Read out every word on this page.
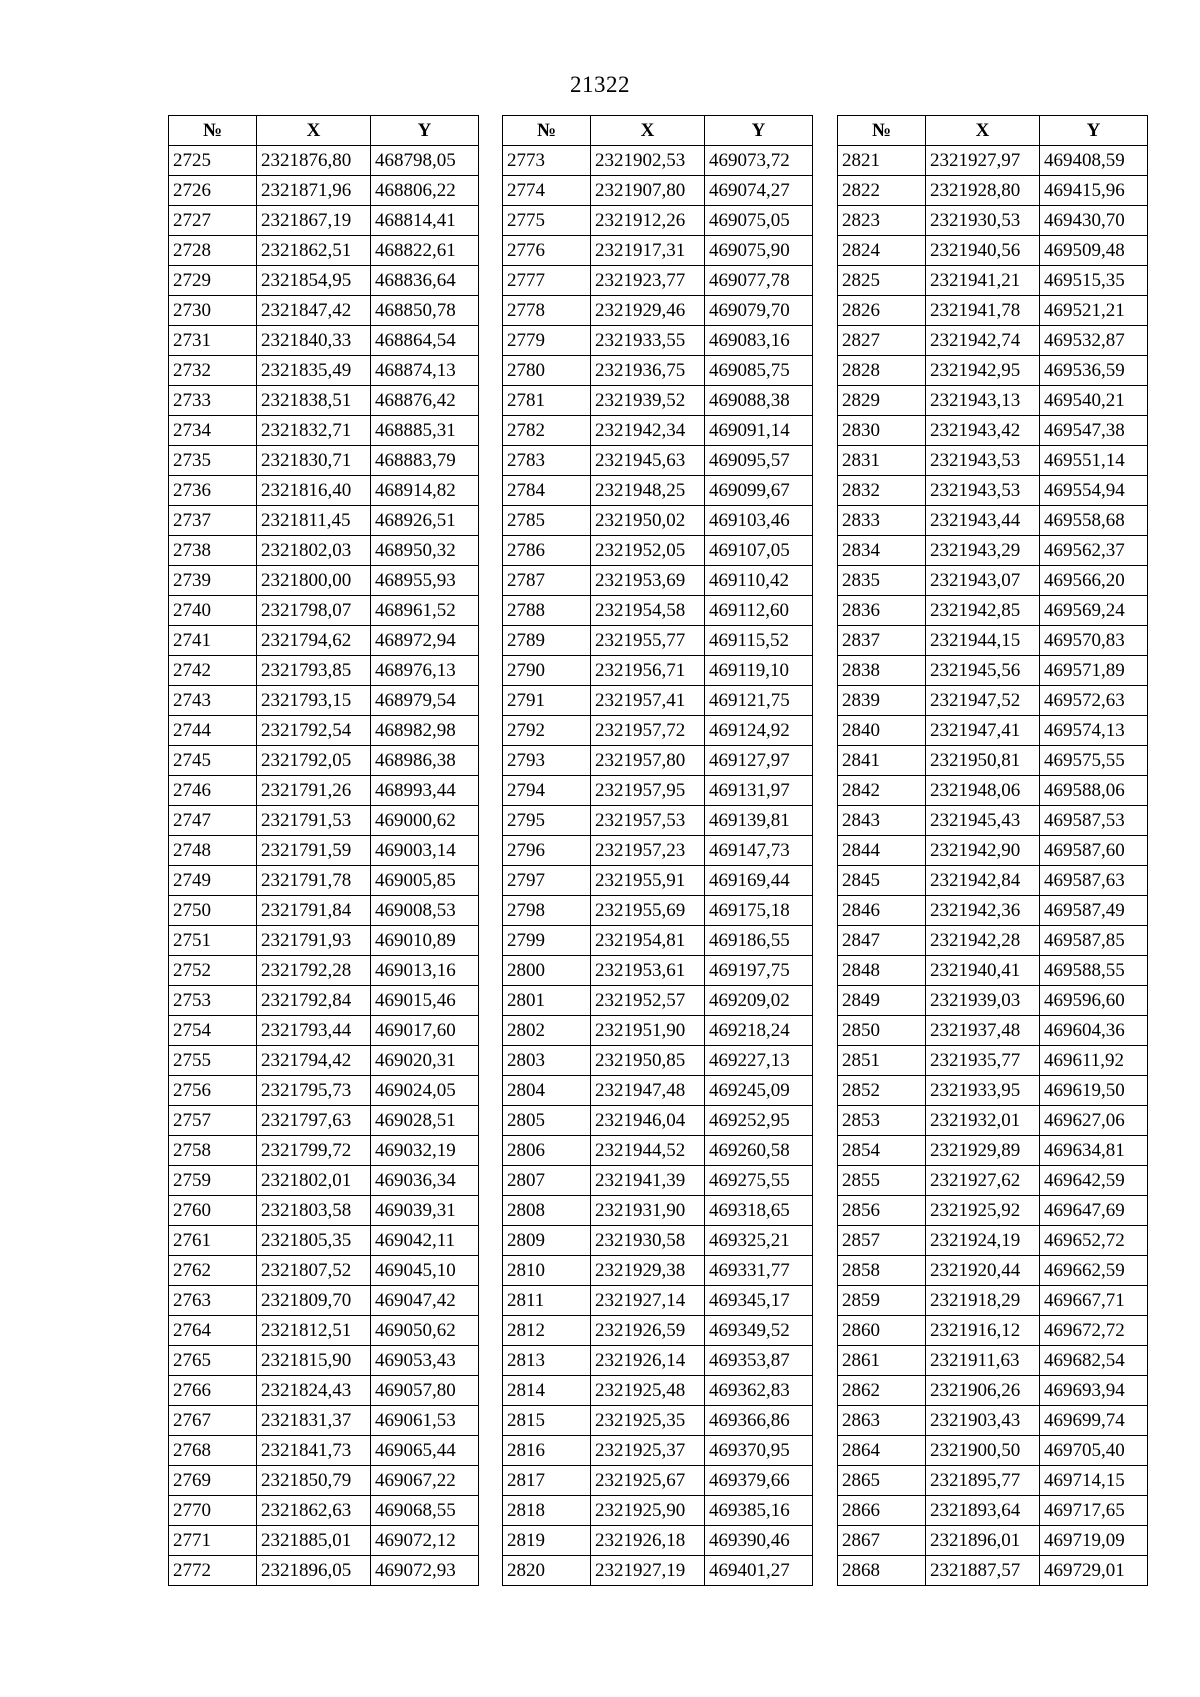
21322
№	X	Y
2725	2321876,80	468798,05
2726	2321871,96	468806,22
2727	2321867,19	468814,41
2728	2321862,51	468822,61
2729	2321854,95	468836,64
2730	2321847,42	468850,78
2731	2321840,33	468864,54
2732	2321835,49	468874,13
2733	2321838,51	468876,42
2734	2321832,71	468885,31
2735	2321830,71	468883,79
2736	2321816,40	468914,82
2737	2321811,45	468926,51
2738	2321802,03	468950,32
2739	2321800,00	468955,93
2740	2321798,07	468961,52
2741	2321794,62	468972,94
2742	2321793,85	468976,13
2743	2321793,15	468979,54
2744	2321792,54	468982,98
2745	2321792,05	468986,38
2746	2321791,26	468993,44
2747	2321791,53	469000,62
2748	2321791,59	469003,14
2749	2321791,78	469005,85
2750	2321791,84	469008,53
2751	2321791,93	469010,89
2752	2321792,28	469013,16
2753	2321792,84	469015,46
2754	2321793,44	469017,60
2755	2321794,42	469020,31
2756	2321795,73	469024,05
2757	2321797,63	469028,51
2758	2321799,72	469032,19
2759	2321802,01	469036,34
2760	2321803,58	469039,31
2761	2321805,35	469042,11
2762	2321807,52	469045,10
2763	2321809,70	469047,42
2764	2321812,51	469050,62
2765	2321815,90	469053,43
2766	2321824,43	469057,80
2767	2321831,37	469061,53
2768	2321841,73	469065,44
2769	2321850,79	469067,22
2770	2321862,63	469068,55
2771	2321885,01	469072,12
2772	2321896,05	469072,93
№	X	Y
2773	2321902,53	469073,72
2774	2321907,80	469074,27
2775	2321912,26	469075,05
2776	2321917,31	469075,90
2777	2321923,77	469077,78
2778	2321929,46	469079,70
2779	2321933,55	469083,16
2780	2321936,75	469085,75
2781	2321939,52	469088,38
2782	2321942,34	469091,14
2783	2321945,63	469095,57
2784	2321948,25	469099,67
2785	2321950,02	469103,46
2786	2321952,05	469107,05
2787	2321953,69	469110,42
2788	2321954,58	469112,60
2789	2321955,77	469115,52
2790	2321956,71	469119,10
2791	2321957,41	469121,75
2792	2321957,72	469124,92
2793	2321957,80	469127,97
2794	2321957,95	469131,97
2795	2321957,53	469139,81
2796	2321957,23	469147,73
2797	2321955,91	469169,44
2798	2321955,69	469175,18
2799	2321954,81	469186,55
2800	2321953,61	469197,75
2801	2321952,57	469209,02
2802	2321951,90	469218,24
2803	2321950,85	469227,13
2804	2321947,48	469245,09
2805	2321946,04	469252,95
2806	2321944,52	469260,58
2807	2321941,39	469275,55
2808	2321931,90	469318,65
2809	2321930,58	469325,21
2810	2321929,38	469331,77
2811	2321927,14	469345,17
2812	2321926,59	469349,52
2813	2321926,14	469353,87
2814	2321925,48	469362,83
2815	2321925,35	469366,86
2816	2321925,37	469370,95
2817	2321925,67	469379,66
2818	2321925,90	469385,16
2819	2321926,18	469390,46
2820	2321927,19	469401,27
№	X	Y
2821	2321927,97	469408,59
2822	2321928,80	469415,96
2823	2321930,53	469430,70
2824	2321940,56	469509,48
2825	2321941,21	469515,35
2826	2321941,78	469521,21
2827	2321942,74	469532,87
2828	2321942,95	469536,59
2829	2321943,13	469540,21
2830	2321943,42	469547,38
2831	2321943,53	469551,14
2832	2321943,53	469554,94
2833	2321943,44	469558,68
2834	2321943,29	469562,37
2835	2321943,07	469566,20
2836	2321942,85	469569,24
2837	2321944,15	469570,83
2838	2321945,56	469571,89
2839	2321947,52	469572,63
2840	2321947,41	469574,13
2841	2321950,81	469575,55
2842	2321948,06	469588,06
2843	2321945,43	469587,53
2844	2321942,90	469587,60
2845	2321942,84	469587,63
2846	2321942,36	469587,49
2847	2321942,28	469587,85
2848	2321940,41	469588,55
2849	2321939,03	469596,60
2850	2321937,48	469604,36
2851	2321935,77	469611,92
2852	2321933,95	469619,50
2853	2321932,01	469627,06
2854	2321929,89	469634,81
2855	2321927,62	469642,59
2856	2321925,92	469647,69
2857	2321924,19	469652,72
2858	2321920,44	469662,59
2859	2321918,29	469667,71
2860	2321916,12	469672,72
2861	2321911,63	469682,54
2862	2321906,26	469693,94
2863	2321903,43	469699,74
2864	2321900,50	469705,40
2865	2321895,77	469714,15
2866	2321893,64	469717,65
2867	2321896,01	469719,09
2868	2321887,57	469729,01
